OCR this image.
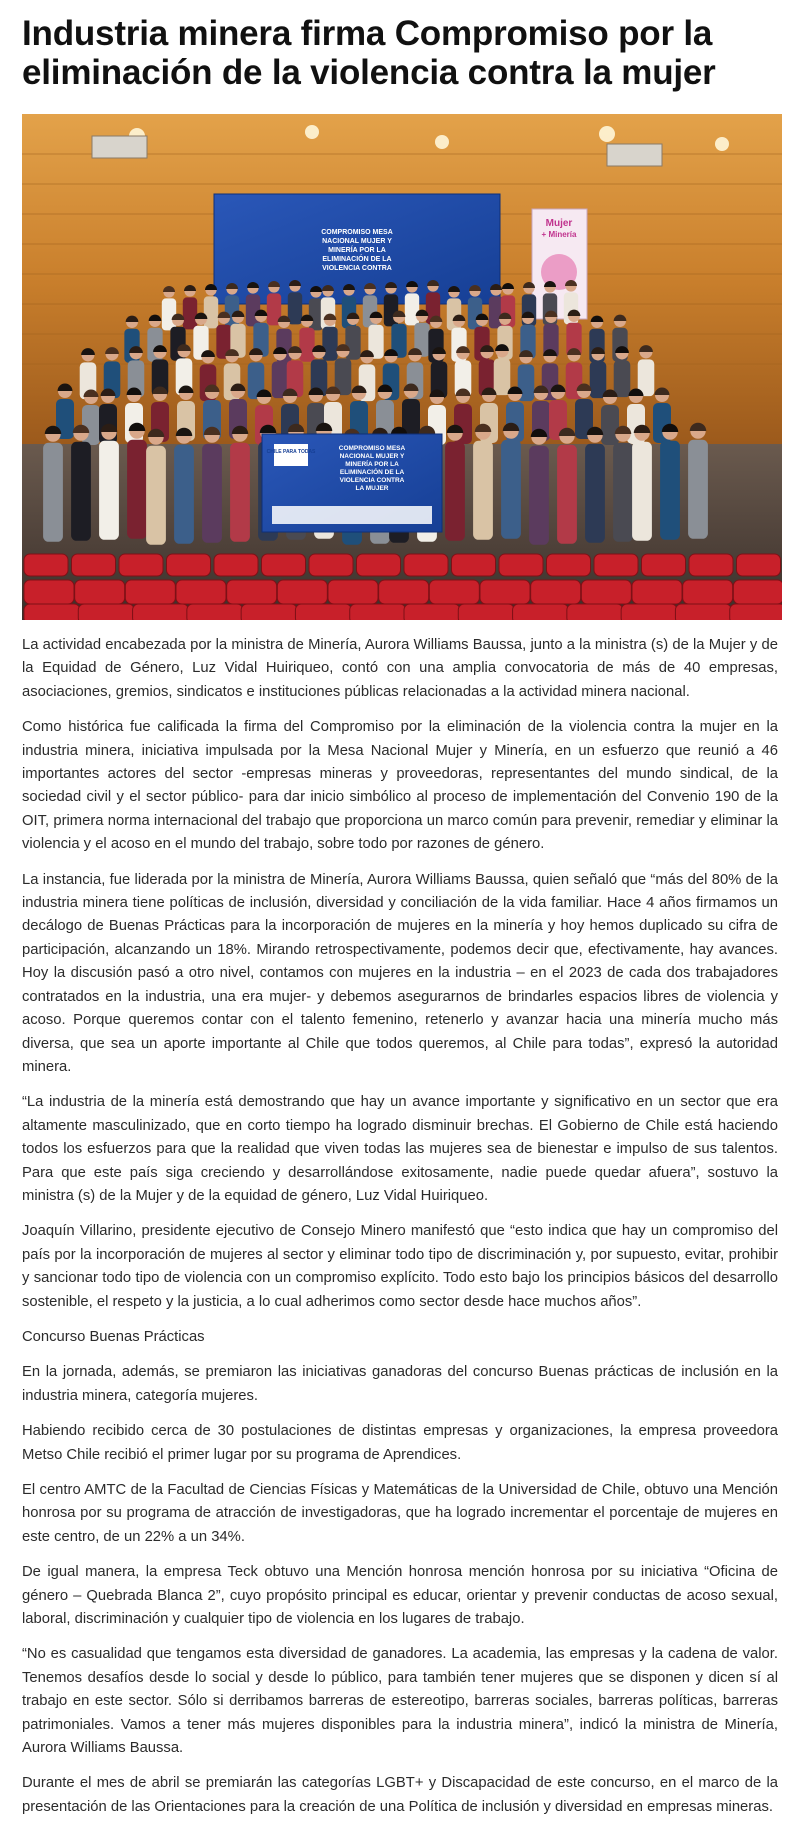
Industria minera firma Compromiso por la eliminación de la violencia contra la mujer
COMPROMISO MESA
NACIONAL MUJER Y
MINERÍA POR LA
ELIMINACIÓN DE LA
VIOLENCIA CONTRA
Mujer
+ Minería
CHILE PARA TODAS	COMPROMISO MESA
NACIONAL MUJER Y
MINERÍA POR LA
ELIMINACIÓN DE LA
VIOLENCIA CONTRA
LA MUJER

La actividad encabezada por la ministra de Minería, Aurora Williams Baussa, junto a la ministra (s) de la Mujer y de la Equidad de Género, Luz Vidal Huiriqueo, contó con una amplia convocatoria de más de 40 empresas, asociaciones, gremios, sindicatos e instituciones públicas relacionadas a la actividad minera nacional.

Como histórica fue calificada la firma del Compromiso por la eliminación de la violencia contra la mujer en la industria minera, iniciativa impulsada por la Mesa Nacional Mujer y Minería, en un esfuerzo que reunió a 46 importantes actores del sector -empresas mineras y proveedoras, representantes del mundo sindical, de la sociedad civil y el sector público- para dar inicio simbólico al proceso de implementación del Convenio 190 de la OIT, primera norma internacional del trabajo que proporciona un marco común para prevenir, remediar y eliminar la violencia y el acoso en el mundo del trabajo, sobre todo por razones de género.

La instancia, fue liderada por la ministra de Minería, Aurora Williams Baussa, quien señaló que “más del 80% de la industria minera tiene políticas de inclusión, diversidad y conciliación de la vida familiar. Hace 4 años firmamos un decálogo de Buenas Prácticas para la incorporación de mujeres en la minería y hoy hemos duplicado su cifra de participación, alcanzando un 18%. Mirando retrospectivamente, podemos decir que, efectivamente, hay avances. Hoy la discusión pasó a otro nivel, contamos con mujeres en la industria – en el 2023 de cada dos trabajadores contratados en la industria, una era mujer- y debemos asegurarnos de brindarles espacios libres de violencia y acoso. Porque queremos contar con el talento femenino, retenerlo y avanzar hacia una minería mucho más diversa, que sea un aporte importante al Chile que todos queremos, al Chile para todas”, expresó la autoridad minera.

“La industria de la minería está demostrando que hay un avance importante y significativo en un sector que era altamente masculinizado, que en corto tiempo ha logrado disminuir brechas. El Gobierno de Chile está haciendo todos los esfuerzos para que la realidad que viven todas las mujeres sea de bienestar e impulso de sus talentos. Para que este país siga creciendo y desarrollándose exitosamente, nadie puede quedar afuera”, sostuvo la ministra (s) de la Mujer y de la equidad de género, Luz Vidal Huiriqueo.

Joaquín Villarino, presidente ejecutivo de Consejo Minero manifestó que “esto indica que hay un compromiso del país por la incorporación de mujeres al sector y eliminar todo tipo de discriminación y, por supuesto, evitar, prohibir y sancionar todo tipo de violencia con un compromiso explícito. Todo esto bajo los principios básicos del desarrollo sostenible, el respeto y la justicia, a lo cual adherimos como sector desde hace muchos años”.

Concurso Buenas Prácticas

En la jornada, además, se premiaron las iniciativas ganadoras del concurso Buenas prácticas de inclusión en la industria minera, categoría mujeres.

Habiendo recibido cerca de 30 postulaciones de distintas empresas y organizaciones, la empresa proveedora Metso Chile recibió el primer lugar por su programa de Aprendices.

El centro AMTC de la Facultad de Ciencias Físicas y Matemáticas de la Universidad de Chile, obtuvo una Mención honrosa por su programa de atracción de investigadoras, que ha logrado incrementar el porcentaje de mujeres en este centro, de un 22% a un 34%.

De igual manera, la empresa Teck obtuvo una Mención honrosa mención honrosa por su iniciativa “Oficina de género – Quebrada Blanca 2”, cuyo propósito principal es educar, orientar y prevenir conductas de acoso sexual, laboral, discriminación y cualquier tipo de violencia en los lugares de trabajo.

“No es casualidad que tengamos esta diversidad de ganadores. La academia, las empresas y la cadena de valor. Tenemos desafíos desde lo social y desde lo público, para también tener mujeres que se disponen y dicen sí al trabajo en este sector. Sólo si derribamos barreras de estereotipo, barreras sociales, barreras políticas, barreras patrimoniales. Vamos a tener más mujeres disponibles para la industria minera”, indicó la ministra de Minería, Aurora Williams Baussa.

Durante el mes de abril se premiarán las categorías LGBT+ y Discapacidad de este concurso, en el marco de la presentación de las Orientaciones para la creación de una Política de inclusión y diversidad en empresas mineras.
